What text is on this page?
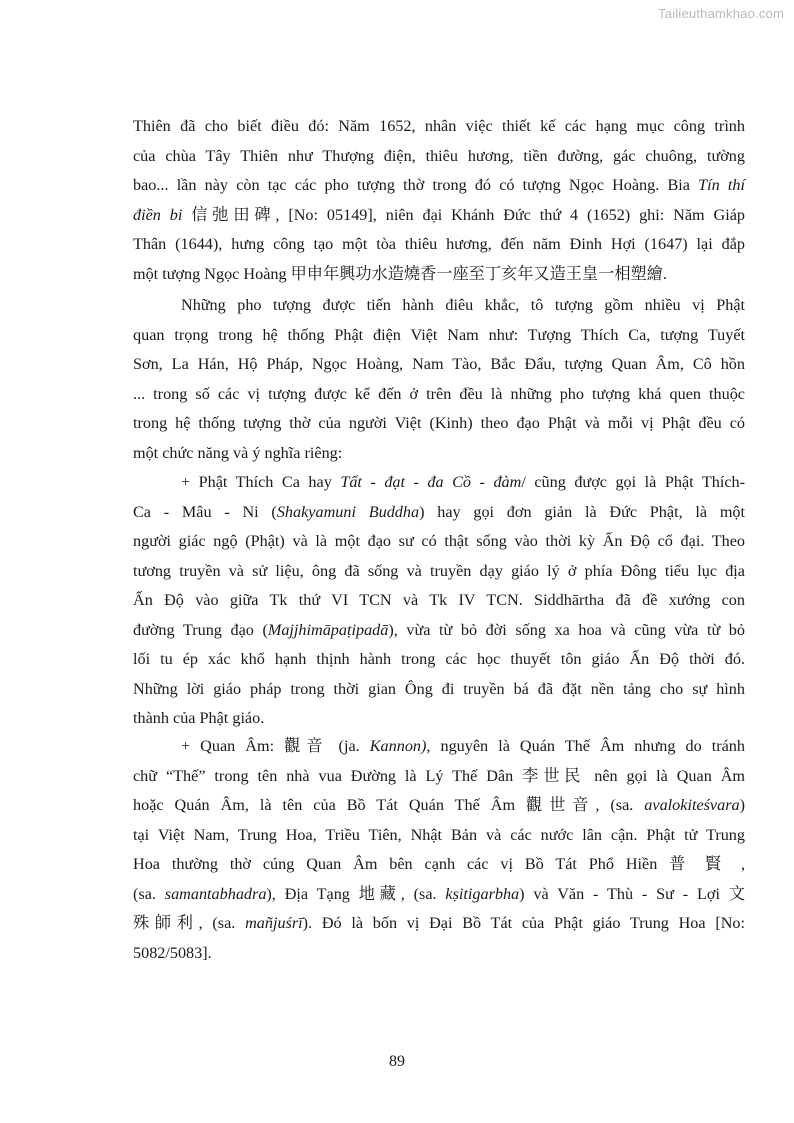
Tailieuthamkhao.com
Thiên đã cho biết điều đó: Năm 1652, nhân việc thiết kế các hạng mục công trình
của chùa Tây Thiên như Thượng điện, thiêu hương, tiền đường, gác chuông, tường
bao... lần này còn tạc các pho tượng thờ trong đó có tượng Ngọc Hoàng. Bia Tín thí
điền bi 信弛田碑, [No: 05149], niên đại Khánh Đức thứ 4 (1652) ghi: Năm Giáp
Thân (1644), hưng công tạo một tòa thiêu hương, đến năm Đinh Hợi (1647) lại đắp
một tượng Ngọc Hoàng 甲申年興功水造燒香一座至丁亥年又造王皇一相塑繪.
Những pho tượng được tiến hành điêu khắc, tô tượng gồm nhiều vị Phật
quan trọng trong hệ thống Phật điện Việt Nam như: Tượng Thích Ca, tượng Tuyết
Sơn, La Hán, Hộ Pháp, Ngọc Hoàng, Nam Tào, Bắc Đẩu, tượng Quan Âm, Cô hồn
... trong số các vị tượng được kể đến ở trên đều là những pho tượng khá quen thuộc
trong hệ thống tượng thờ của người Việt (Kinh) theo đạo Phật và mỗi vị Phật đều có
một chức năng và ý nghĩa riêng:
+ Phật Thích Ca hay Tất - đạt - đa Cồ - đàm/ cũng được gọi là Phật Thích-
Ca - Mâu - Ni (Shakyamuni Buddha) hay gọi đơn giản là Đức Phật, là một
người giác ngộ (Phật) và là một đạo sư có thật sống vào thời kỳ Ấn Độ cổ đại. Theo
tương truyền và sử liệu, ông đã sống và truyền dạy giáo lý ở phía Đông tiểu lục địa
Ấn Độ vào giữa Tk thứ VI TCN và Tk IV TCN. Siddhārtha đã đề xướng con
đường Trung đạo (Majjhimāpaṭipadā), vừa từ bỏ đời sống xa hoa và cũng vừa từ bỏ
lối tu ép xác khổ hạnh thịnh hành trong các học thuyết tôn giáo Ấn Độ thời đó.
Những lời giáo pháp trong thời gian Ông đi truyền bá đã đặt nền tảng cho sự hình
thành của Phật giáo.
+ Quan Âm: 觀音 (ja. Kannon), nguyên là Quán Thế Âm nhưng do tránh
chữ “Thế” trong tên nhà vua Đường là Lý Thế Dân 李世民 nên gọi là Quan Âm
hoặc Quán Âm, là tên của Bồ Tát Quán Thế Âm 觀世音, (sa. avalokiteśvara)
tại Việt Nam, Trung Hoa, Triều Tiên, Nhật Bản và các nước lân cận. Phật tử Trung
Hoa thường thờ cúng Quan Âm bên cạnh các vị Bồ Tát Phổ Hiền 普 賢 ,
(sa. samantabhadra), Địa Tạng 地藏, (sa. kṣitigarbha) và Văn - Thù - Sư - Lợi 文
殊師利, (sa. mañjuśrī). Đó là bốn vị Đại Bồ Tát của Phật giáo Trung Hoa [No:
5082/5083].
89
